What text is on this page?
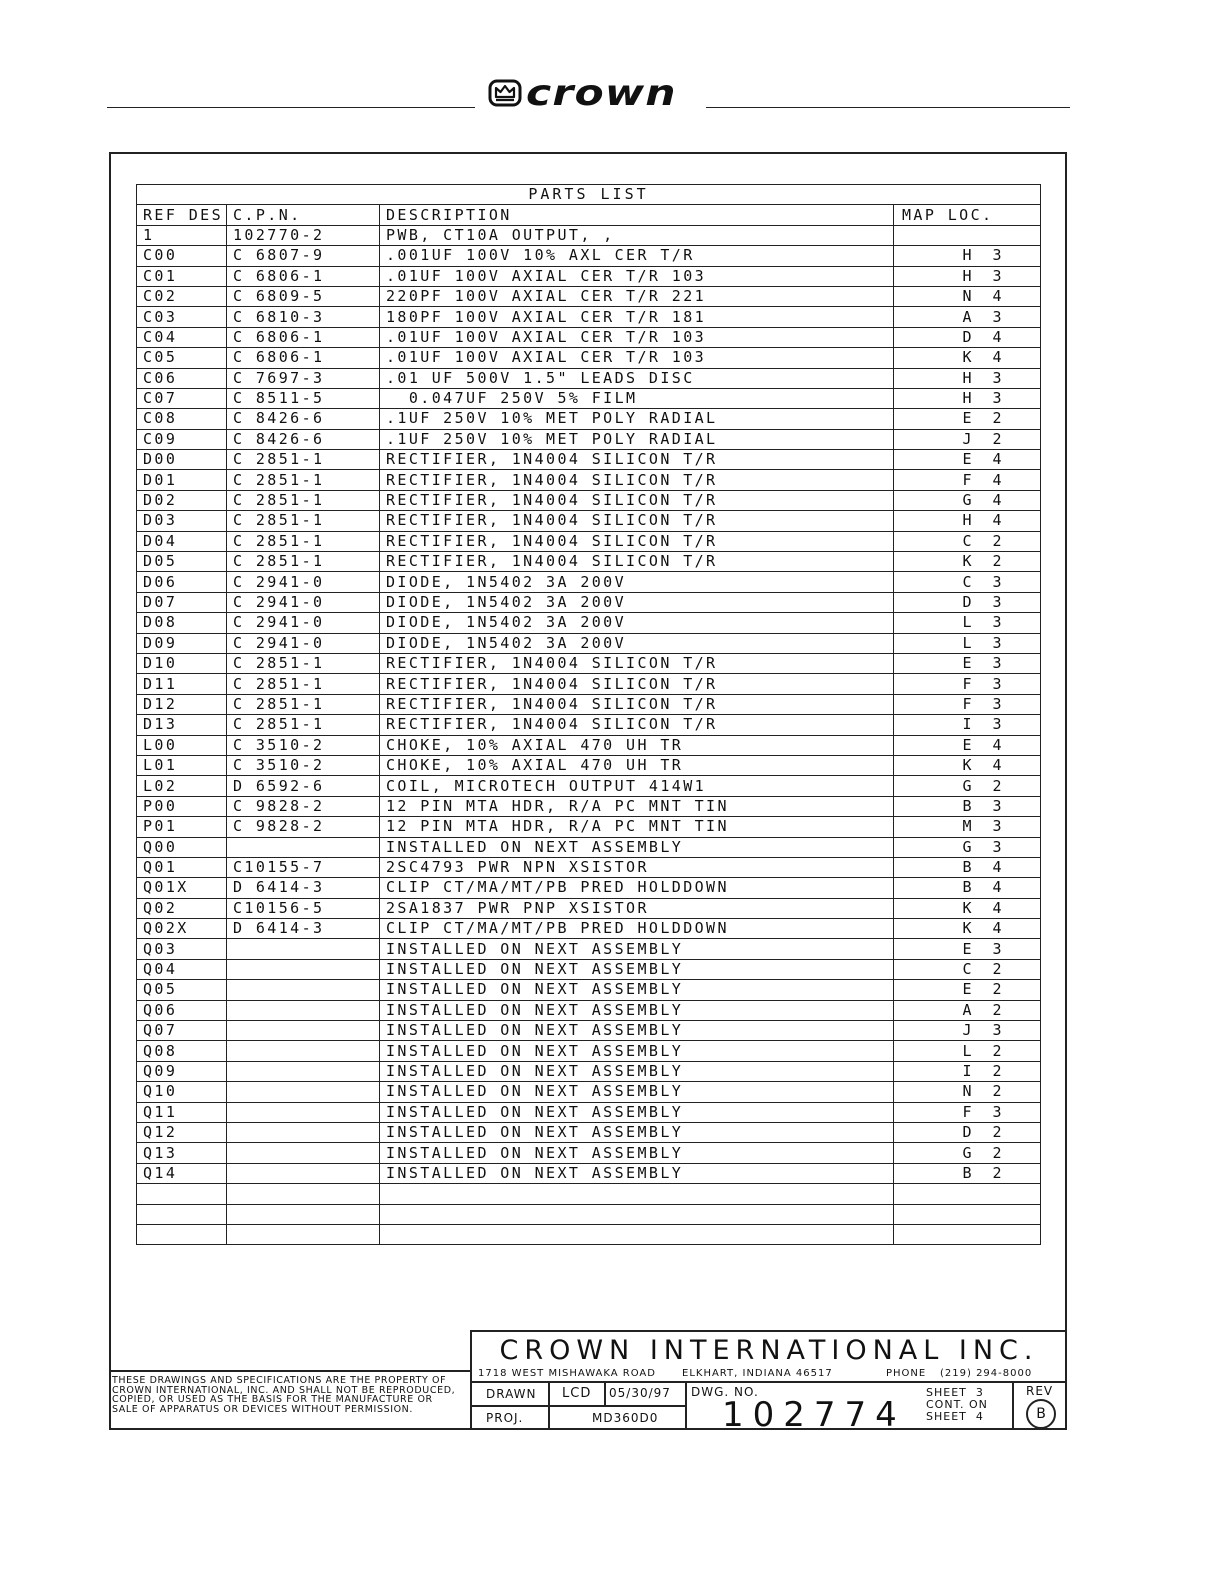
crown
PARTS LIST			
REF DES	C.P.N.	DESCRIPTION	MAP LOC.
1	102770-2	PWB, CT10A OUTPUT, ,	
C00	C 6807-9	.001UF 100V 10% AXL CER T/R	H 3
C01	C 6806-1	.01UF 100V AXIAL CER T/R 103	H 3
C02	C 6809-5	220PF 100V AXIAL CER T/R 221	N 4
C03	C 6810-3	180PF 100V AXIAL CER T/R 181	A 3
C04	C 6806-1	.01UF 100V AXIAL CER T/R 103	D 4
C05	C 6806-1	.01UF 100V AXIAL CER T/R 103	K 4
C06	C 7697-3	.01 UF 500V 1.5" LEADS DISC	H 3
C07	C 8511-5	0.047UF 250V 5% FILM	H 3
C08	C 8426-6	.1UF 250V 10% MET POLY RADIAL	E 2
C09	C 8426-6	.1UF 250V 10% MET POLY RADIAL	J 2
D00	C 2851-1	RECTIFIER, 1N4004 SILICON T/R	E 4
D01	C 2851-1	RECTIFIER, 1N4004 SILICON T/R	F 4
D02	C 2851-1	RECTIFIER, 1N4004 SILICON T/R	G 4
D03	C 2851-1	RECTIFIER, 1N4004 SILICON T/R	H 4
D04	C 2851-1	RECTIFIER, 1N4004 SILICON T/R	C 2
D05	C 2851-1	RECTIFIER, 1N4004 SILICON T/R	K 2
D06	C 2941-0	DIODE, 1N5402 3A 200V	C 3
D07	C 2941-0	DIODE, 1N5402 3A 200V	D 3
D08	C 2941-0	DIODE, 1N5402 3A 200V	L 3
D09	C 2941-0	DIODE, 1N5402 3A 200V	L 3
D10	C 2851-1	RECTIFIER, 1N4004 SILICON T/R	E 3
D11	C 2851-1	RECTIFIER, 1N4004 SILICON T/R	F 3
D12	C 2851-1	RECTIFIER, 1N4004 SILICON T/R	F 3
D13	C 2851-1	RECTIFIER, 1N4004 SILICON T/R	I 3
L00	C 3510-2	CHOKE, 10% AXIAL 470 UH TR	E 4
L01	C 3510-2	CHOKE, 10% AXIAL 470 UH TR	K 4
L02	D 6592-6	COIL, MICROTECH OUTPUT 414W1	G 2
P00	C 9828-2	12 PIN MTA HDR, R/A PC MNT TIN	B 3
P01	C 9828-2	12 PIN MTA HDR, R/A PC MNT TIN	M 3
Q00		INSTALLED ON NEXT ASSEMBLY	G 3
Q01	C10155-7	2SC4793 PWR NPN XSISTOR	B 4
Q01X	D 6414-3	CLIP CT/MA/MT/PB PRED HOLDDOWN	B 4
Q02	C10156-5	2SA1837 PWR PNP XSISTOR	K 4
Q02X	D 6414-3	CLIP CT/MA/MT/PB PRED HOLDDOWN	K 4
Q03		INSTALLED ON NEXT ASSEMBLY	E 3
Q04		INSTALLED ON NEXT ASSEMBLY	C 2
Q05		INSTALLED ON NEXT ASSEMBLY	E 2
Q06		INSTALLED ON NEXT ASSEMBLY	A 2
Q07		INSTALLED ON NEXT ASSEMBLY	J 3
Q08		INSTALLED ON NEXT ASSEMBLY	L 2
Q09		INSTALLED ON NEXT ASSEMBLY	I 2
Q10		INSTALLED ON NEXT ASSEMBLY	N 2
Q11		INSTALLED ON NEXT ASSEMBLY	F 3
Q12		INSTALLED ON NEXT ASSEMBLY	D 2
Q13		INSTALLED ON NEXT ASSEMBLY	G 2
Q14		INSTALLED ON NEXT ASSEMBLY	B 2

CROWN INTERNATIONAL INC.
1718 WEST MISHAWAKA ROAD	ELKHART, INDIANA 46517	PHONE (219) 294-8000
DRAWN LCD 05/30/97 DWG. NO.
PROJ.	MD360D0 102774
SHEET  3
CONT. ON
SHEET  4
REV
B
THESE DRAWINGS AND SPECIFICATIONS ARE THE PROPERTY OF CROWN INTERNATIONAL, INC. AND SHALL NOT BE REPRODUCED, COPIED, OR USED AS THE BASIS FOR THE MANUFACTURE OR SALE OF APPARATUS OR DEVICES WITHOUT PERMISSION.
